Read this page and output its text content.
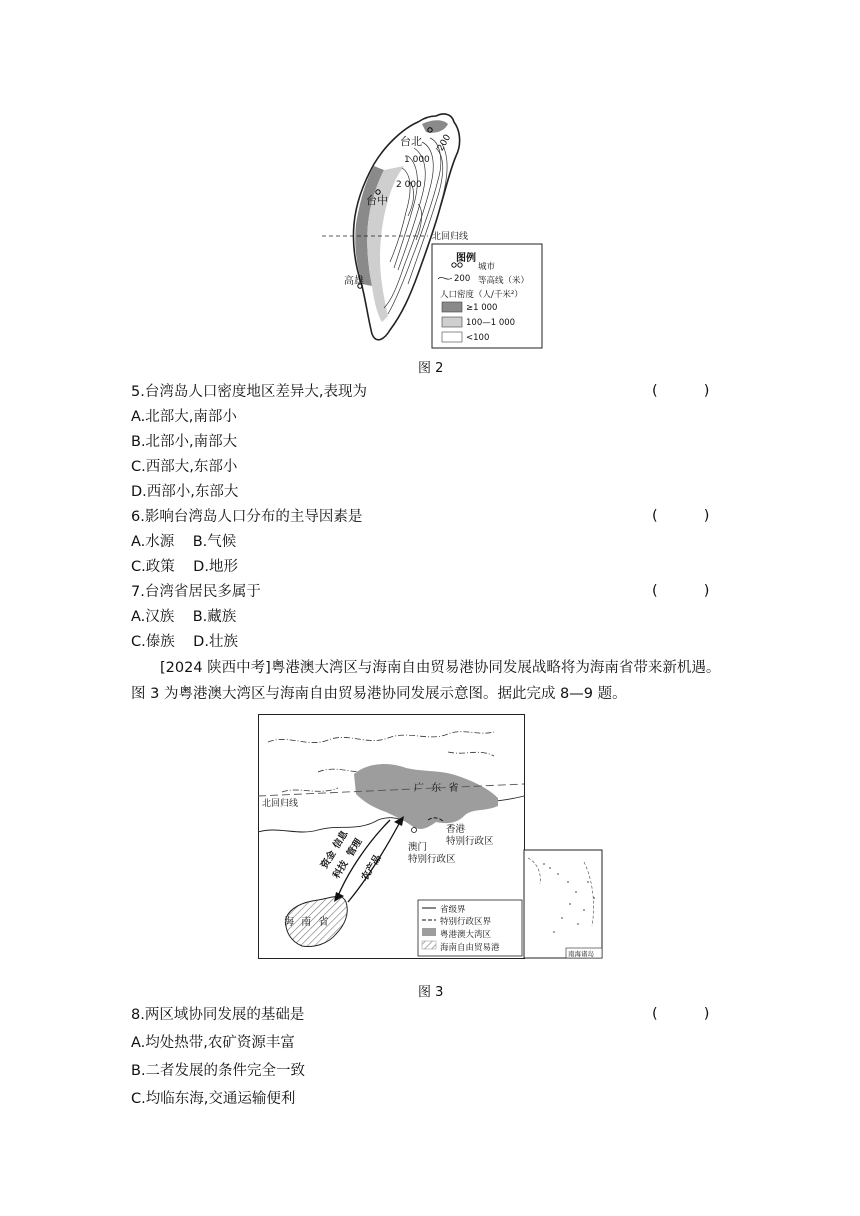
台北 200
1 000
2 000
台中
北回归线
高雄
图例
城市
200 等高线（米）
人口密度（人/千米²）
≥1 000
100—1 000
<100
图 2
5.台湾岛人口密度地区差异大,表现为	(          )
A.北部大,南部小
B.北部小,南部大
C.西部大,东部小
D.西部小,东部大
6.影响台湾岛人口分布的主导因素是	(          )
A.水源    B.气候
C.政策    D.地形
7.台湾省居民多属于	(          )
A.汉族    B.藏族
C.傣族    D.壮族
[2024 陕西中考]粤港澳大湾区与海南自由贸易港协同发展战略将为海南省带来新机遇。
图 3 为粤港澳大湾区与海南自由贸易港协同发展示意图。据此完成 8—9 题。
广 东 省
北回归线
香港
特别行政区
澳门
特别行政区
海 南 省
资金
信息
科技
管理
农产品
省级界
特别行政区界
粤港澳大湾区
海南自由贸易港
南海诸岛
图 3
8.两区域协同发展的基础是	(          )
A.均处热带,农矿资源丰富
B.二者发展的条件完全一致
C.均临东海,交通运输便利
